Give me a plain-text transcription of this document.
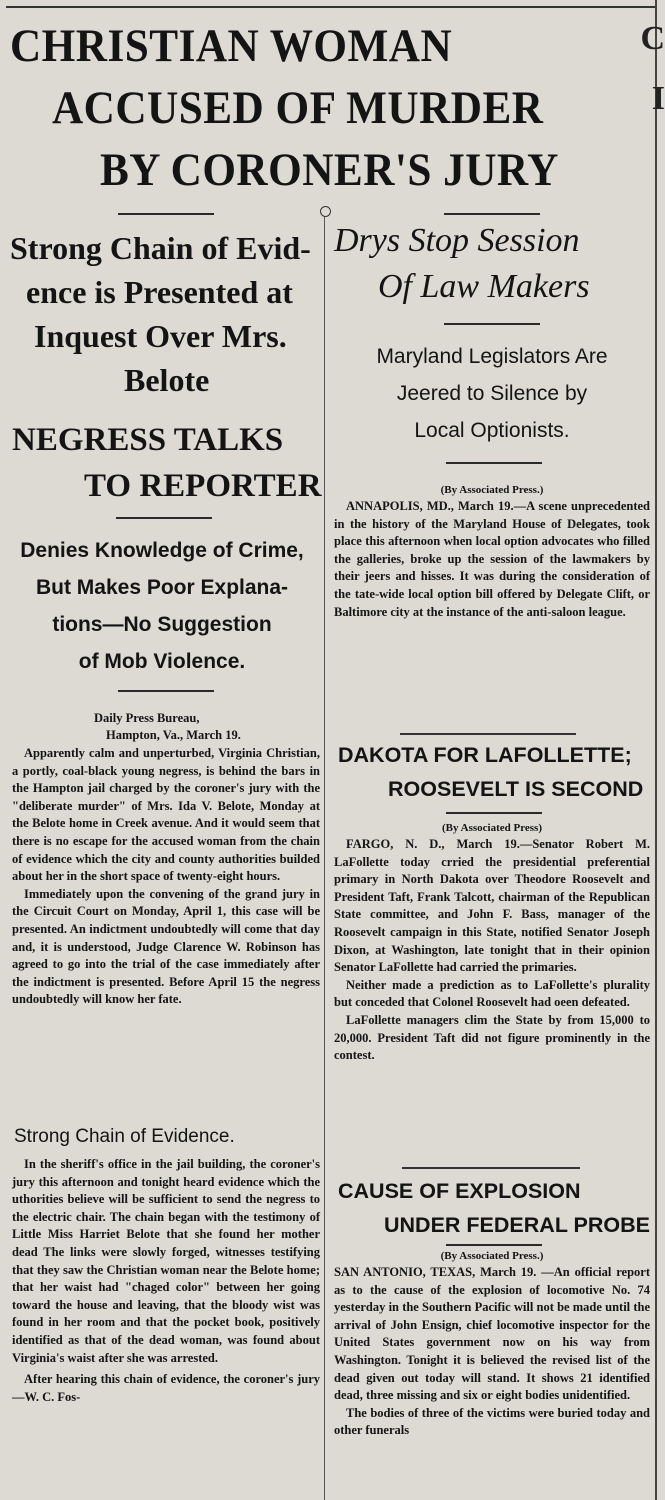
C
I
CHRISTIAN WOMAN
ACCUSED OF MURDER
BY CORONER'S JURY

Strong Chain of Evid-

ence is Presented at

Inquest Over Mrs.

Belote

NEGRESS TALKS

TO REPORTER

Denies Knowledge of Crime,

But Makes Poor Explana-

tions—No Suggestion

of Mob Violence.

Daily Press Bureau,

Hampton, Va., March 19.

Apparently calm and unperturbed, Virginia Christian, a portly, coal-black young negress, is behind the bars in the Hampton jail charged by the coroner's jury with the "deliberate murder" of Mrs. Ida V. Belote, Monday at the Belote home in Creek avenue. And it would seem that there is no escape for the accused woman from the chain of evidence which the city and county authorities builded about her in the short space of twenty-eight hours.

Immediately upon the convening of the grand jury in the Circuit Court on Monday, April 1, this case will be presented. An indictment undoubtedly will come that day and, it is understood, Judge Clarence W. Robinson has agreed to go into the trial of the case immediately after the indictment is presented. Before April 15 the negress undoubtedly will know her fate.

Strong Chain of Evidence.

In the sheriff's office in the jail building, the coroner's jury this afternoon and tonight heard evidence which the uthorities believe will be sufficient to send the negress to the electric chair. The chain began with the testimony of Little Miss Harriet Belote that she found her mother dead The links were slowly forged, witnesses testifying that they saw the Christian woman near the Belote home; that her waist had "chaged color" between her going toward the house and leaving, that the bloody wist was found in her room and that the pocket book, positively identified as that of the dead woman, was found about Virginia's waist after she was arrested.

After hearing this chain of evidence, the coroner's jury—W. C. Fos-

Drys Stop Session

Of Law Makers

Maryland Legislators Are

Jeered to Silence by

Local Optionists.

(By Associated Press.)

ANNAPOLIS, MD., March 19.—A scene unprecedented in the history of the Maryland House of Delegates, took place this afternoon when local option advocates who filled the galleries, broke up the session of the lawmakers by their jeers and hisses. It was during the consideration of the tate-wide local option bill offered by Delegate Clift, or Baltimore city at the instance of the anti-saloon league.

DAKOTA FOR LAFOLLETTE;

ROOSEVELT IS SECOND

(By Associated Press)

FARGO, N. D., March 19.—Senator Robert M. LaFollette today crried the presidential preferential primary in North Dakota over Theodore Roosevelt and President Taft, Frank Talcott, chairman of the Republican State committee, and John F. Bass, manager of the Roosevelt campaign in this State, notified Senator Joseph Dixon, at Washington, late tonight that in their opinion Senator LaFollette had carried the primaries.

Neither made a prediction as to LaFollette's plurality but conceded that Colonel Roosevelt had oeen defeated.

LaFollette managers clim the State by from 15,000 to 20,000. President Taft did not figure prominently in the contest.

CAUSE OF EXPLOSION

UNDER FEDERAL PROBE

(By Associated Press.)

SAN ANTONIO, TEXAS, March 19. —An official report as to the cause of the explosion of locomotive No. 74 yesterday in the Southern Pacific will not be made until the arrival of John Ensign, chief locomotive inspector for the United States government now on his way from Washington. Tonight it is believed the revised list of the dead given out today will stand. It shows 21 identified dead, three missing and six or eight bodies unidentified.

The bodies of three of the victims were buried today and other funerals
